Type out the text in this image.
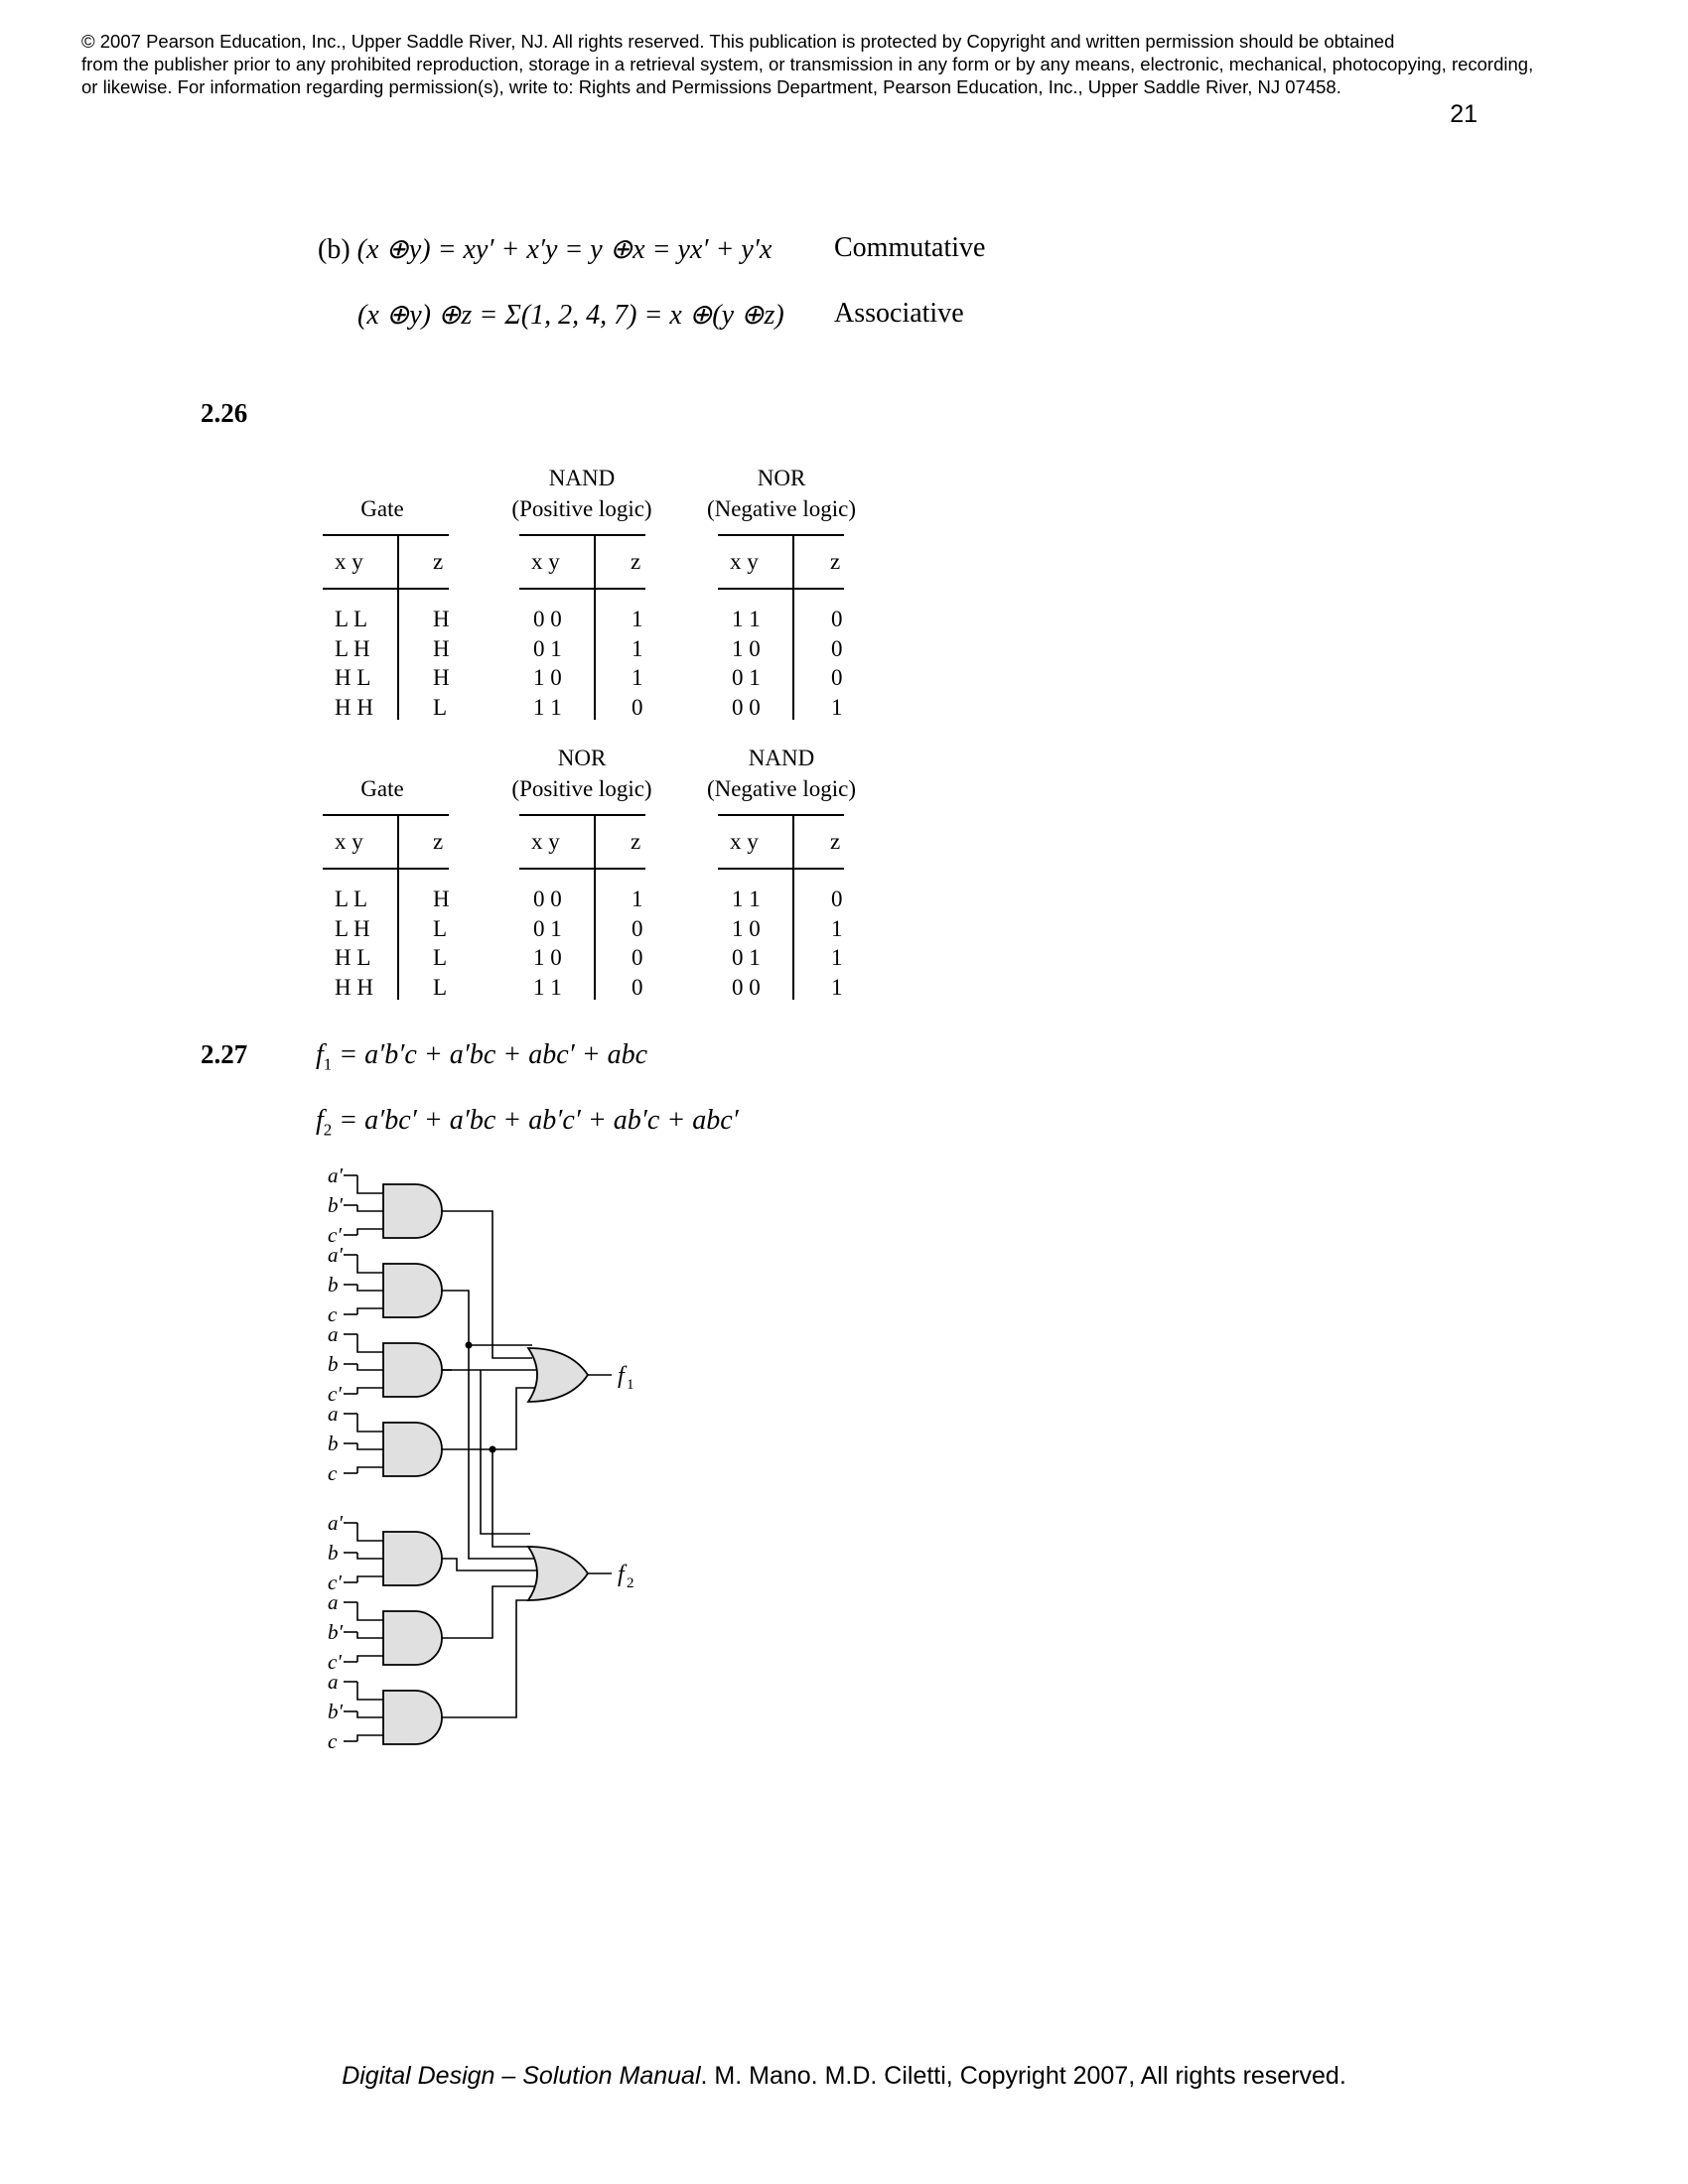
© 2007 Pearson Education, Inc., Upper Saddle River, NJ. All rights reserved. This publication is protected by Copyright and written permission should be obtained
from the publisher prior to any prohibited reproduction, storage in a retrieval system, or transmission in any form or by any means, electronic, mechanical, photocopying, recording,
or likewise. For information regarding permission(s), write to: Rights and Permissions Department, Pearson Education, Inc., Upper Saddle River, NJ 07458.
21
(b) (x ⊕y) = xy′ + x′y = y ⊕x = yx′ + y′x Commutative
(x ⊕y) ⊕z = Σ(1, 2, 4, 7) = x ⊕(y ⊕z) Associative
2.26
Gate
x y	z
L L	H
L H	H
H L	H
H H	L
NAND
(Positive logic)
x y	z
0 0	1
0 1	1
1 0	1
1 1	0
NOR
(Negative logic)
x y	z
1 1	0
1 0	0
0 1	0
0 0	1
Gate
x y	z
L L	H
L H	L
H L	L
H H	L
NOR
(Positive logic)
x y	z
0 0	1
0 1	0
1 0	0
1 1	0
NAND
(Negative logic)
x y	z
1 1	0
1 0	1
0 1	1
0 0	1
2.27 $f_1 = a'b'c + a'bc + abc'$ + abc
$f_2 = a'bc' + a'bc + ab'c' + ab'c + abc'$
a′
b′
c′
a′
b
c
a
b
c′
a
b
c
a′
b
c′
a
b′
c′
a
b′
c
f 1
f 2
Digital Design – Solution Manual. M. Mano. M.D. Ciletti, Copyright 2007, All rights reserved.
